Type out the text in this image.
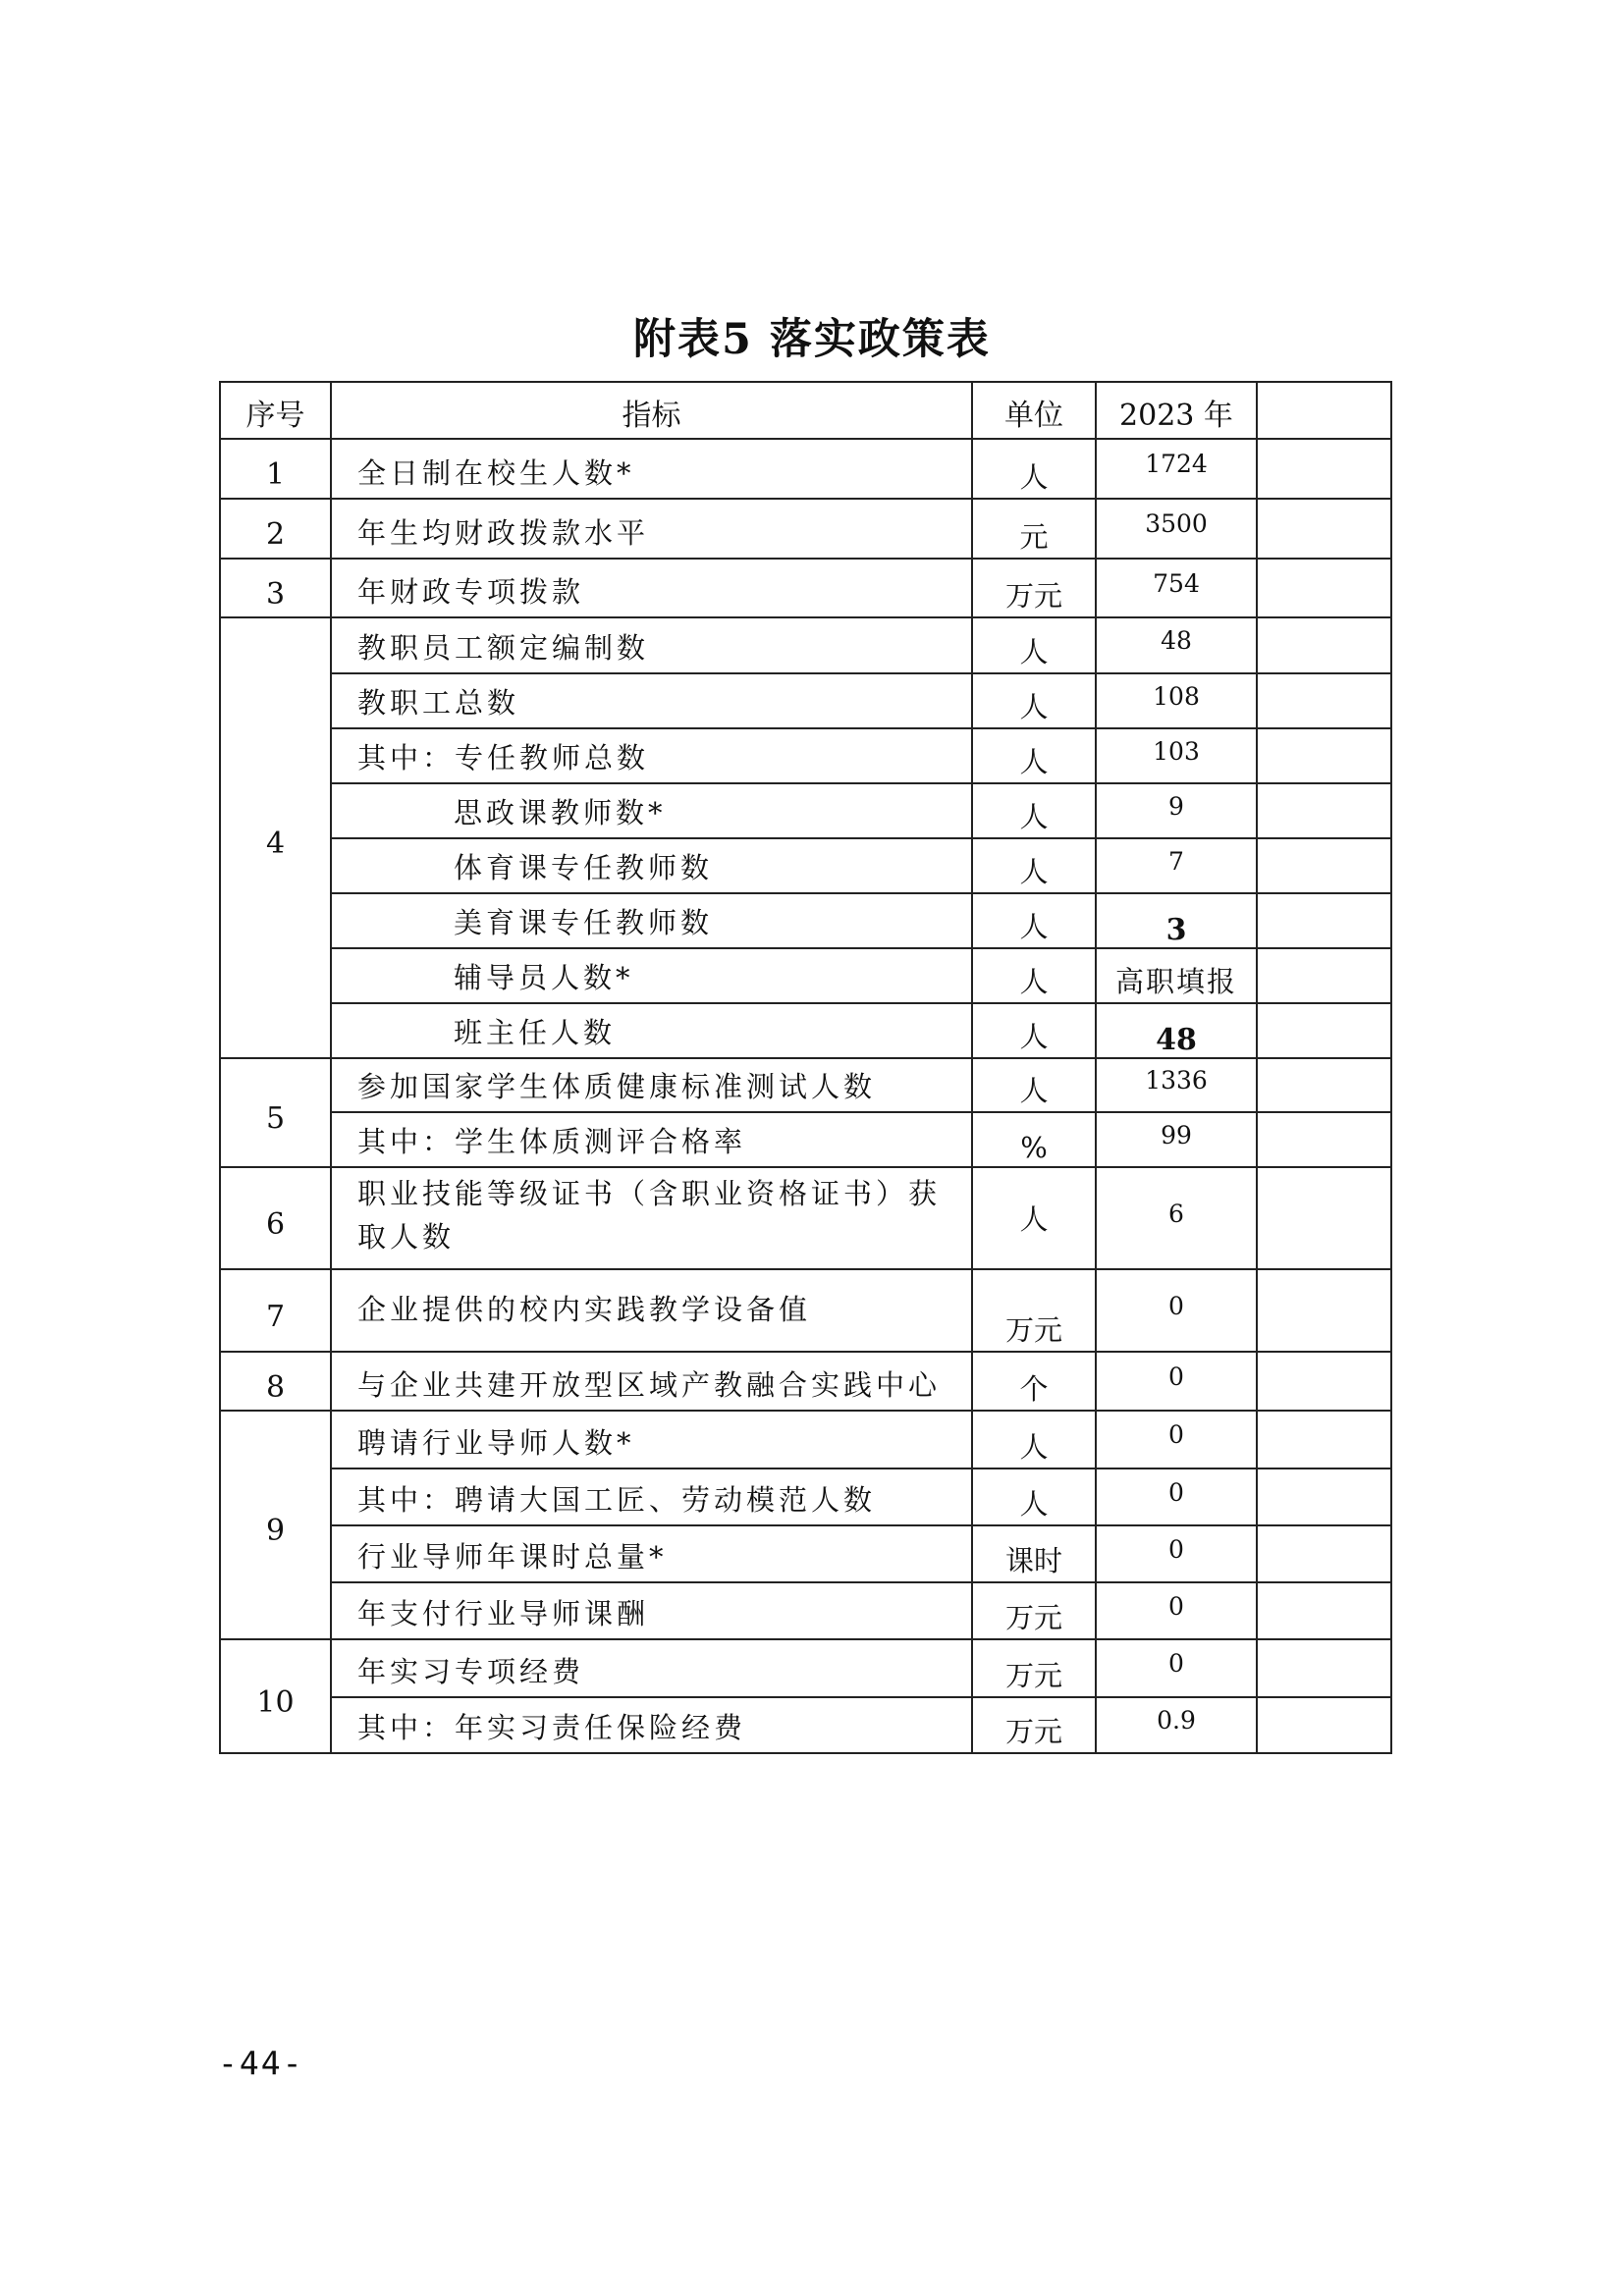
附表5 落实政策表
序号	指标	单位	2023 年	
1	全日制在校生人数*	人	1724	
2	年生均财政拨款水平	元	3500	
3	年财政专项拨款	万元	754	
4	教职员工额定编制数	人	48	
	教职工总数	人	108	
	其中：专任教师总数	人	103	
	思政课教师数*	人	9	
	体育课专任教师数	人	7	
	美育课专任教师数	人	3	
	辅导员人数*	人	高职填报	
	班主任人数	人	48	
5	参加国家学生体质健康标准测试人数	人	1336	
	其中：学生体质测评合格率	%	99	
6	职业技能等级证书（含职业资格证书）获取人数	人	6	
7	企业提供的校内实践教学设备值	万元	0	
8	与企业共建开放型区域产教融合实践中心	个	0	
9	聘请行业导师人数*	人	0	
	其中：聘请大国工匠、劳动模范人数	人	0	
	行业导师年课时总量*	课时	0	
	年支付行业导师课酬	万元	0	
10	年实习专项经费	万元	0	
	其中：年实习责任保险经费	万元	0.9	
-44-
